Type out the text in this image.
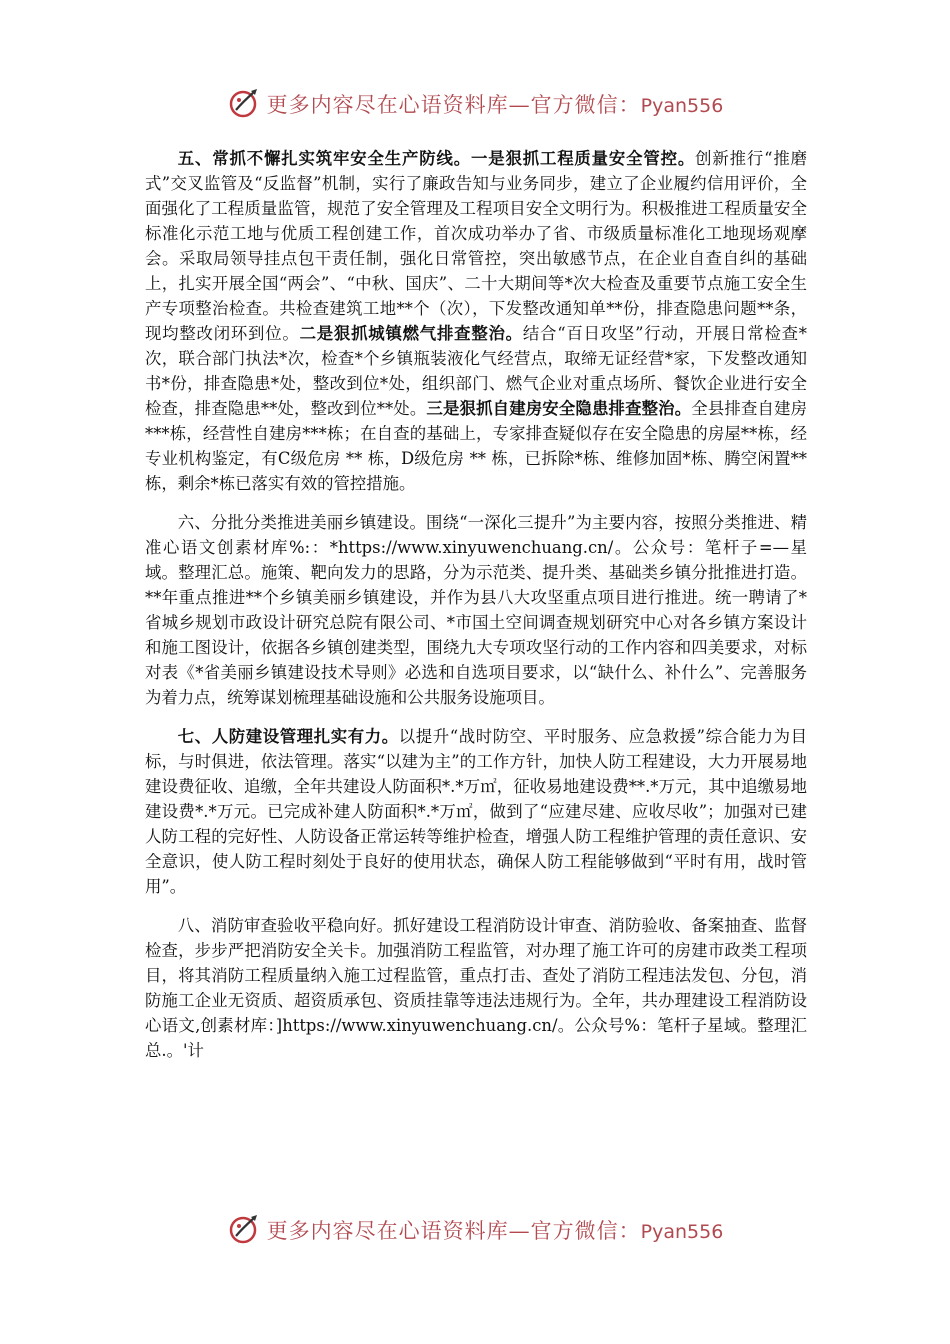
更多内容尽在心语资料库—官方微信：Pyan556

五、常抓不懈扎实筑牢安全生产防线。一是狠抓工程质量安全管控。创新推行“推磨式”交叉监管及“反监督”机制，实行了廉政告知与业务同步，建立了企业履约信用评价，全面强化了工程质量监管，规范了安全管理及工程项目安全文明行为。积极推进工程质量安全标准化示范工地与优质工程创建工作，首次成功举办了省、市级质量标准化工地现场观摩会。采取局领导挂点包干责任制，强化日常管控，突出敏感节点，在企业自查自纠的基础上，扎实开展全国“两会”、“中秋、国庆”、二十大期间等*次大检查及重要节点施工安全生产专项整治检查。共检查建筑工地**个（次），下发整改通知单**份，排查隐患问题**条，现均整改闭环到位。二是狠抓城镇燃气排查整治。结合“百日攻坚”行动，开展日常检查*次，联合部门执法*次，检查*个乡镇瓶装液化气经营点，取缔无证经营*家，下发整改通知书*份，排查隐患*处，整改到位*处，组织部门、燃气企业对重点场所、餐饮企业进行安全检查，排查隐患**处，整改到位**处。三是狠抓自建房安全隐患排查整治。全县排查自建房***栋，经营性自建房***栋；在自查的基础上，专家排查疑似存在安全隐患的房屋**栋，经专业机构鉴定，有C级危房 ** 栋，D级危房 ** 栋，已拆除*栋、维修加固*栋、腾空闲置**栋，剩余*栋已落实有效的管控措施。

六、分批分类推进美丽乡镇建设。围绕“一深化三提升”为主要内容，按照分类推进、精准心语文创素材库%:：*https://www.xinyuwenchuang.cn/。公众号：笔杆子=—星域。整理汇总。施策、靶向发力的思路，分为示范类、提升类、基础类乡镇分批推进打造。**年重点推进**个乡镇美丽乡镇建设，并作为县八大攻坚重点项目进行推进。统一聘请了*省城乡规划市政设计研究总院有限公司、*市国土空间调查规划研究中心对各乡镇方案设计和施工图设计，依据各乡镇创建类型，围绕九大专项攻坚行动的工作内容和四美要求，对标对表《*省美丽乡镇建设技术导则》必选和自选项目要求，以“缺什么、补什么”、完善服务为着力点，统筹谋划梳理基础设施和公共服务设施项目。

七、人防建设管理扎实有力。以提升“战时防空、平时服务、应急救援”综合能力为目标，与时俱进，依法管理。落实“以建为主”的工作方针，加快人防工程建设，大力开展易地建设费征收、追缴，全年共建设人防面积*.*万㎡，征收易地建设费**.*万元，其中追缴易地建设费*.*万元。已完成补建人防面积*.*万㎡，做到了“应建尽建、应收尽收”；加强对已建人防工程的完好性、人防设备正常运转等维护检查，增强人防工程维护管理的责任意识、安全意识，使人防工程时刻处于良好的使用状态，确保人防工程能够做到“平时有用，战时管用”。

八、消防审查验收平稳向好。抓好建设工程消防设计审查、消防验收、备案抽查、监督检查，步步严把消防安全关卡。加强消防工程监管，对办理了施工许可的房建市政类工程项目，将其消防工程质量纳入施工过程监管，重点打击、查处了消防工程违法发包、分包，消防施工企业无资质、超资质承包、资质挂靠等违法违规行为。全年，共办理建设工程消防设心语文,创素材库：]https://www.xinyuwenchuang.cn/。公众号%：笔杆子星域。整理汇总.。'计

更多内容尽在心语资料库—官方微信：Pyan556
